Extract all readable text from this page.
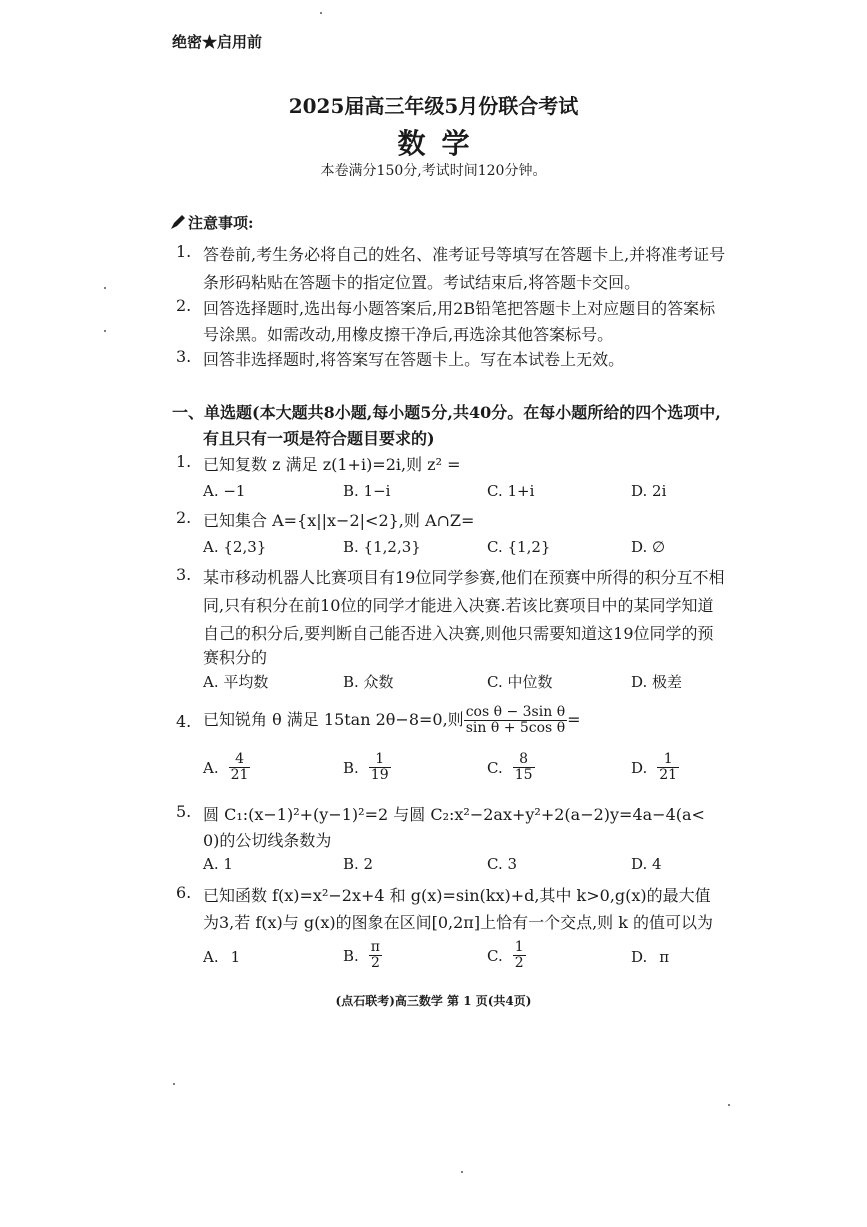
绝密★启用前
2025届高三年级5月份联合考试
数学
本卷满分150分,考试时间120分钟。
注意事项:
1. 答卷前,考生务必将自己的姓名、准考证号等填写在答题卡上,并将准考证号
条形码粘贴在答题卡的指定位置。考试结束后,将答题卡交回。
2. 回答选择题时,选出每小题答案后,用2B铅笔把答题卡上对应题目的答案标
号涂黑。如需改动,用橡皮擦干净后,再选涂其他答案标号。
3. 回答非选择题时,将答案写在答题卡上。写在本试卷上无效。
一、单选题(本大题共8小题,每小题5分,共40分。在每小题所给的四个选项中,
有且只有一项是符合题目要求的)
1. 已知复数 z 满足 z(1+i)=2i,则 z² =
A. −1	B. 1−i	C. 1+i	D. 2i
2. 已知集合 A={x||x−2|<2},则 A∩Z=
A. {2,3}	B. {1,2,3}	C. {1,2}	D. ∅
3. 某市移动机器人比赛项目有19位同学参赛,他们在预赛中所得的积分互不相
同,只有积分在前10位的同学才能进入决赛.若该比赛项目中的某同学知道
自己的积分后,要判断自己能否进入决赛,则他只需要知道这19位同学的预
赛积分的
A. 平均数	B. 众数	C. 中位数	D. 极差
4. 已知锐角 θ 满足 15tan 2θ−8=0,则 $\frac{\text{cos θ − 3sin θ}}{\text{sin θ + 5cos θ}}$ =
A. $\frac{4}{21}$	B. $\frac{1}{19}$	C. $\frac{8}{15}$	D. $\frac{1}{21}$
5. 圆 C₁:(x−1)²+(y−1)²=2 与圆 C₂:x²−2ax+y²+2(a−2)y=4a−4(a<
0)的公切线条数为
A. 1	B. 2	C. 3	D. 4
6. 已知函数 f(x)=x²−2x+4 和 g(x)=sin(kx)+d,其中 k>0,g(x)的最大值
为3,若 f(x)与 g(x)的图象在区间[0,2π]上恰有一个交点,则 k 的值可以为
A. 1	B. $\frac{\pi}{2}$	C. $\frac{1}{2}$	D. π
(点石联考)高三数学 第 1 页(共4页)
